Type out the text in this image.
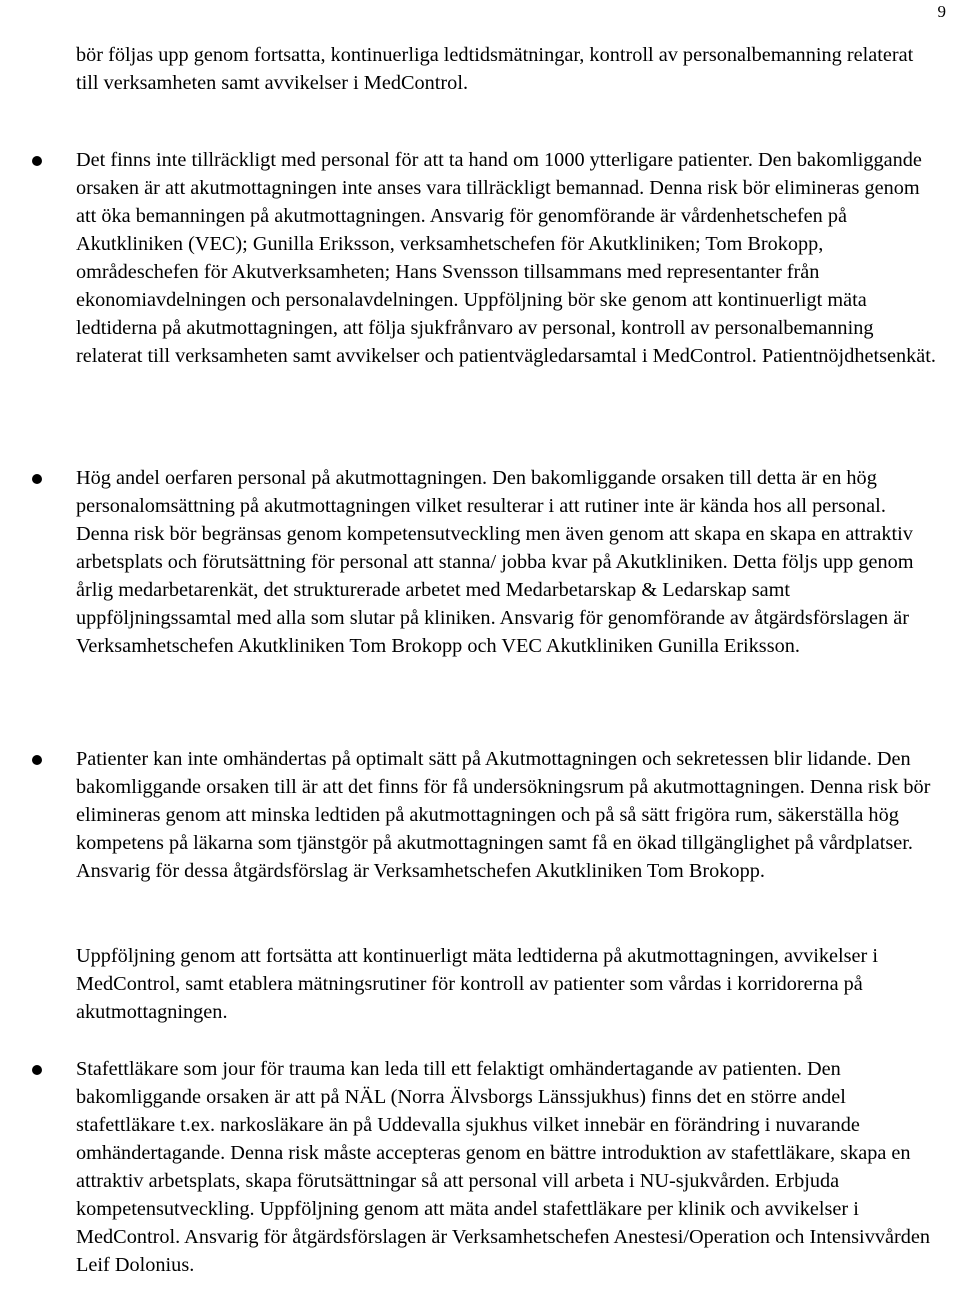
9

bör följas upp genom fortsatta, kontinuerliga ledtidsmätningar, kontroll av personalbemanning relaterat till verksamheten samt avvikelser i MedControl.

Det finns inte tillräckligt med personal för att ta hand om 1000 ytterligare patienter. Den bakomliggande orsaken är att akutmottagningen inte anses vara tillräckligt bemannad. Denna risk bör elimineras genom att öka bemanningen på akutmottagningen. Ansvarig för genomförande är vårdenhetschefen på Akutkliniken (VEC); Gunilla Eriksson, verksamhetschefen för Akutkliniken; Tom Brokopp, områdeschefen för Akutverksamheten; Hans Svensson tillsammans med representanter från ekonomiavdelningen och personalavdelningen. Uppföljning bör ske genom att kontinuerligt mäta ledtiderna på akutmottagningen, att följa sjukfrånvaro av personal, kontroll av personalbemanning relaterat till verksamheten samt avvikelser och patientvägledarsamtal i MedControl. Patientnöjdhetsenkät.

Hög andel oerfaren personal på akutmottagningen. Den bakomliggande orsaken till detta är en hög personalomsättning på akutmottagningen vilket resulterar i att rutiner inte är kända hos all personal. Denna risk bör begränsas genom kompetensutveckling men även genom att skapa en skapa en attraktiv arbetsplats och förutsättning för personal att stanna/ jobba kvar på Akutkliniken. Detta följs upp genom årlig medarbetarenkät, det strukturerade arbetet med Medarbetarskap & Ledarskap samt uppföljningssamtal med alla som slutar på kliniken. Ansvarig för genomförande av åtgärdsförslagen är Verksamhetschefen Akutkliniken Tom Brokopp och VEC Akutkliniken Gunilla Eriksson.

Patienter kan inte omhändertas på optimalt sätt på Akutmottagningen och sekretessen blir lidande. Den bakomliggande orsaken till är att det finns för få undersökningsrum på akutmottagningen. Denna risk bör elimineras genom att minska ledtiden på akutmottagningen och på så sätt frigöra rum, säkerställa hög kompetens på läkarna som tjänstgör på akutmottagningen samt få en ökad tillgänglighet på vårdplatser. Ansvarig för dessa åtgärdsförslag är Verksamhetschefen Akutkliniken Tom Brokopp.

Uppföljning genom att fortsätta att kontinuerligt mäta ledtiderna på akutmottagningen, avvikelser i MedControl, samt etablera mätningsrutiner för kontroll av patienter som vårdas i korridorerna på akutmottagningen.

Stafettläkare som jour för trauma kan leda till ett felaktigt omhändertagande av patienten. Den bakomliggande orsaken är att på NÄL (Norra Älvsborgs Länssjukhus) finns det en större andel stafettläkare t.ex. narkosläkare än på Uddevalla sjukhus vilket innebär en förändring i nuvarande omhändertagande. Denna risk måste accepteras genom en bättre introduktion av stafettläkare, skapa en attraktiv arbetsplats, skapa förutsättningar så att personal vill arbeta i NU-sjukvården. Erbjuda kompetensutveckling. Uppföljning genom att mäta andel stafettläkare per klinik och avvikelser i MedControl. Ansvarig för åtgärdsförslagen är Verksamhetschefen Anestesi/Operation och Intensivvården Leif Dolonius.
